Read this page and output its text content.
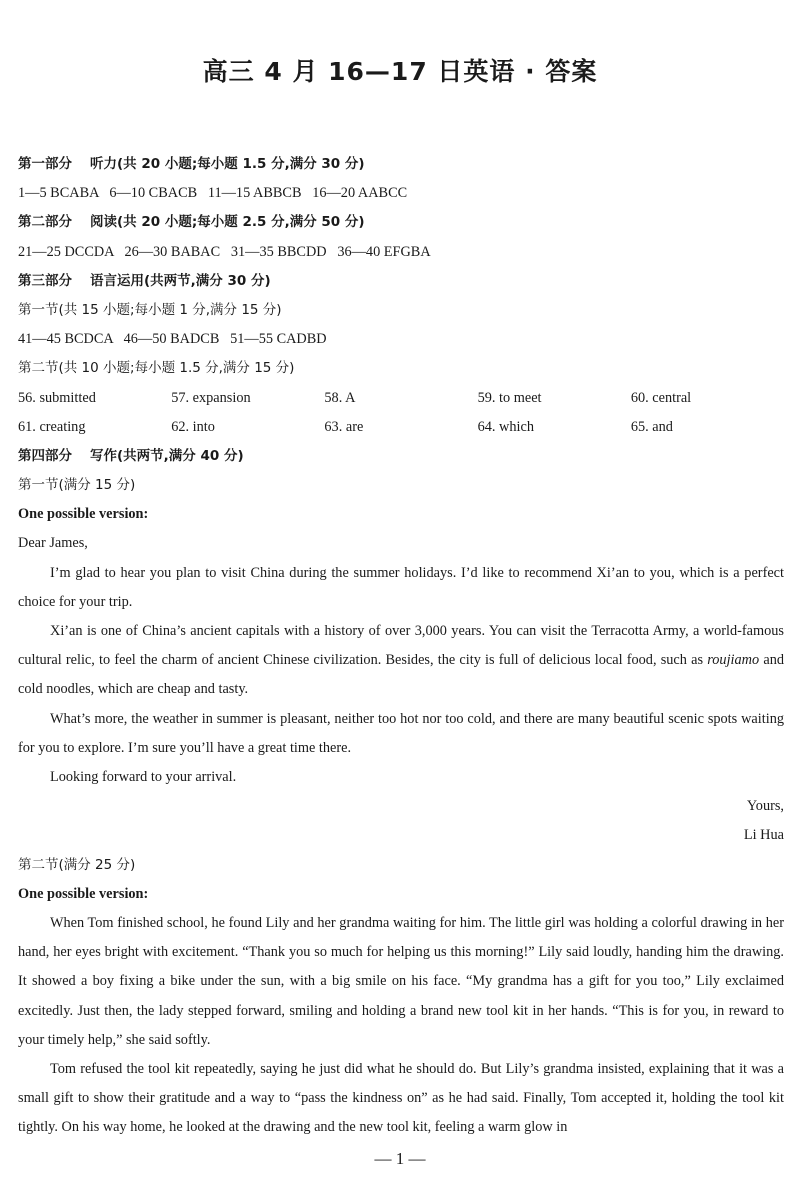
高三 4 月 16—17 日英语 · 答案
第一部分 听力(共 20 小题;每小题 1.5 分,满分 30 分)
1—5 BCABA   6—10 CBACB   11—15 ABBCB   16—20 AABCC
第二部分 阅读(共 20 小题;每小题 2.5 分,满分 50 分)
21—25 DCCDA   26—30 BABAC   31—35 BBCDD   36—40 EFGBA
第三部分 语言运用(共两节,满分 30 分)
第一节(共 15 小题;每小题 1 分,满分 15 分)
41—45 BCDCA   46—50 BADCB   51—55 CADBD
第二节(共 10 小题;每小题 1.5 分,满分 15 分)
56. submitted	57. expansion	58. A	59. to meet	60. central
61. creating	62. into	63. are	64. which	65. and
第四部分 写作(共两节,满分 40 分)
第一节(满分 15 分)
One possible version:
Dear James,

I’m glad to hear you plan to visit China during the summer holidays. I’d like to recommend Xi’an to you, which is a perfect choice for your trip.

Xi’an is one of China’s ancient capitals with a history of over 3,000 years. You can visit the Terracotta Army, a world-famous cultural relic, to feel the charm of ancient Chinese civilization. Besides, the city is full of delicious local food, such as roujiamo and cold noodles, which are cheap and tasty.

What’s more, the weather in summer is pleasant, neither too hot nor too cold, and there are many beautiful scenic spots waiting for you to explore. I’m sure you’ll have a great time there.

Looking forward to your arrival.

Yours,
Li Hua
第二节(满分 25 分)
One possible version:

When Tom finished school, he found Lily and her grandma waiting for him. The little girl was holding a colorful drawing in her hand, her eyes bright with excitement. “Thank you so much for helping us this morning!” Lily said loudly, handing him the drawing. It showed a boy fixing a bike under the sun, with a big smile on his face. “My grandma has a gift for you too,” Lily exclaimed excitedly. Just then, the lady stepped forward, smiling and holding a brand new tool kit in her hands. “This is for you, in reward to your timely help,” she said softly.

Tom refused the tool kit repeatedly, saying he just did what he should do. But Lily’s grandma insisted, explaining that it was a small gift to show their gratitude and a way to “pass the kindness on” as he had said. Finally, Tom accepted it, holding the tool kit tightly. On his way home, he looked at the drawing and the new tool kit, feeling a warm glow in

— 1 —
